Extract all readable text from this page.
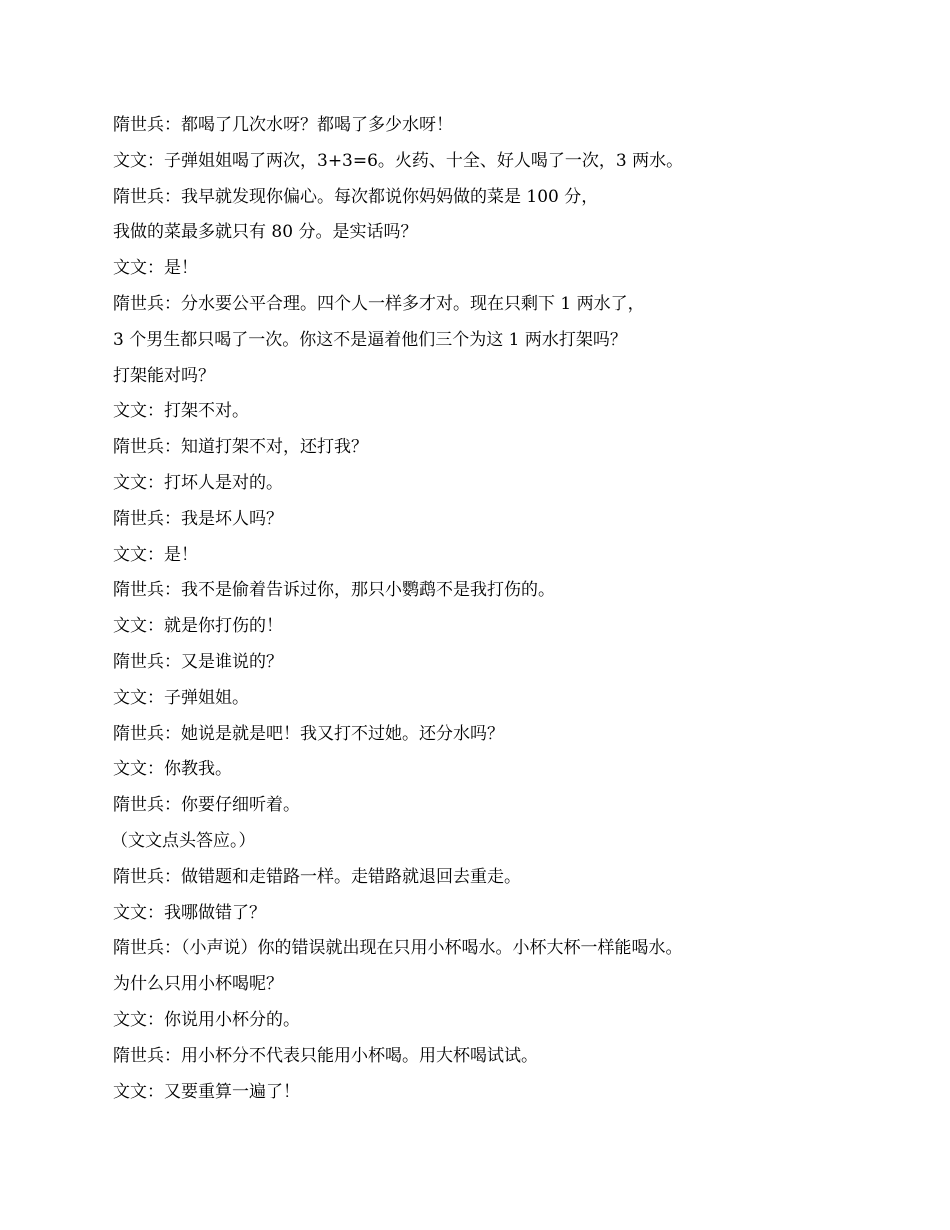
隋世兵：都喝了几次水呀？都喝了多少水呀！

文文：子弹姐姐喝了两次，3+3=6。火药、十全、好人喝了一次，3 两水。

隋世兵：我早就发现你偏心。每次都说你妈妈做的菜是 100 分，

我做的菜最多就只有 80 分。是实话吗？

文文：是！

隋世兵：分水要公平合理。四个人一样多才对。现在只剩下 1 两水了，

3 个男生都只喝了一次。你这不是逼着他们三个为这 1 两水打架吗？

打架能对吗？

文文：打架不对。

隋世兵：知道打架不对，还打我？

文文：打坏人是对的。

隋世兵：我是坏人吗？

文文：是！

隋世兵：我不是偷着告诉过你，那只小鹦鹉不是我打伤的。

文文：就是你打伤的！

隋世兵：又是谁说的？

文文：子弹姐姐。

隋世兵：她说是就是吧！我又打不过她。还分水吗？

文文：你教我。

隋世兵：你要仔细听着。

（文文点头答应。）

隋世兵：做错题和走错路一样。走错路就退回去重走。

文文：我哪做错了？

隋世兵：（小声说）你的错误就出现在只用小杯喝水。小杯大杯一样能喝水。

为什么只用小杯喝呢？

文文：你说用小杯分的。

隋世兵：用小杯分不代表只能用小杯喝。用大杯喝试试。

文文：又要重算一遍了！
